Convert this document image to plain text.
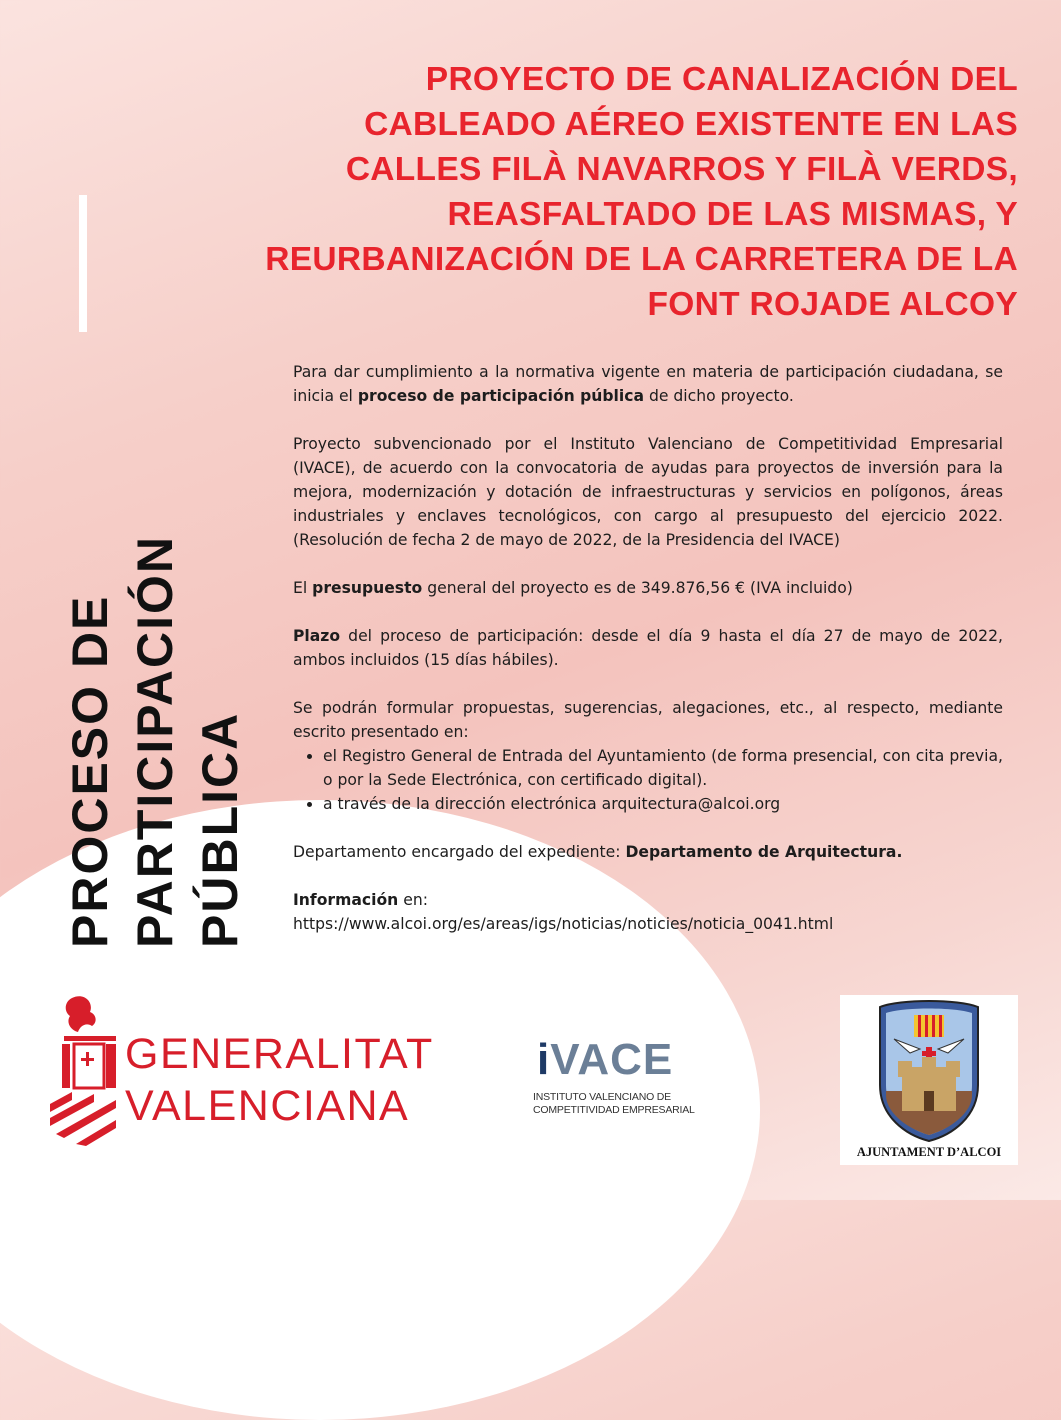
PROYECTO DE CANALIZACIÓN DEL
CABLEADO AÉREO EXISTENTE EN LAS
CALLES FILÀ NAVARROS Y FILÀ VERDS,
REASFALTADO DE LAS MISMAS, Y
REURBANIZACIÓN DE LA CARRETERA DE LA
FONT ROJADE ALCOY
PROCESO DE PARTICIPACIÓN PÚBLICA

Para dar cumplimiento a la normativa vigente en materia de participación ciudadana, se inicia el proceso de participación pública de dicho proyecto.

Proyecto subvencionado por el Instituto Valenciano de Competitividad Empresarial (IVACE), de acuerdo con la convocatoria de ayudas para proyectos de inversión para la mejora, modernización y dotación de infraestructuras y servicios en polígonos, áreas industriales y enclaves tecnológicos, con cargo al presupuesto del ejercicio 2022. (Resolución de fecha 2 de mayo de 2022, de la Presidencia del IVACE)

El presupuesto general del proyecto es de 349.876,56 € (IVA incluido)

Plazo del proceso de participación: desde el día 9 hasta el día 27 de mayo de 2022, ambos incluidos (15 días hábiles).

Se podrán formular propuestas, sugerencias, alegaciones, etc., al respecto, mediante escrito presentado en:

• el Registro General de Entrada del Ayuntamiento (de forma presencial, con cita previa, o por la Sede Electrónica, con certificado digital).
• a través de la dirección electrónica arquitectura@alcoi.org

Departamento encargado del expediente: Departamento de Arquitectura.

Información en:
https://www.alcoi.org/es/areas/igs/noticias/noticies/noticia_0041.html

GENERALITAT
VALENCIANA
iVACE
INSTITUTO VALENCIANO DE
COMPETITIVIDAD EMPRESARIAL
AJUNTAMENT D’ALCOI
